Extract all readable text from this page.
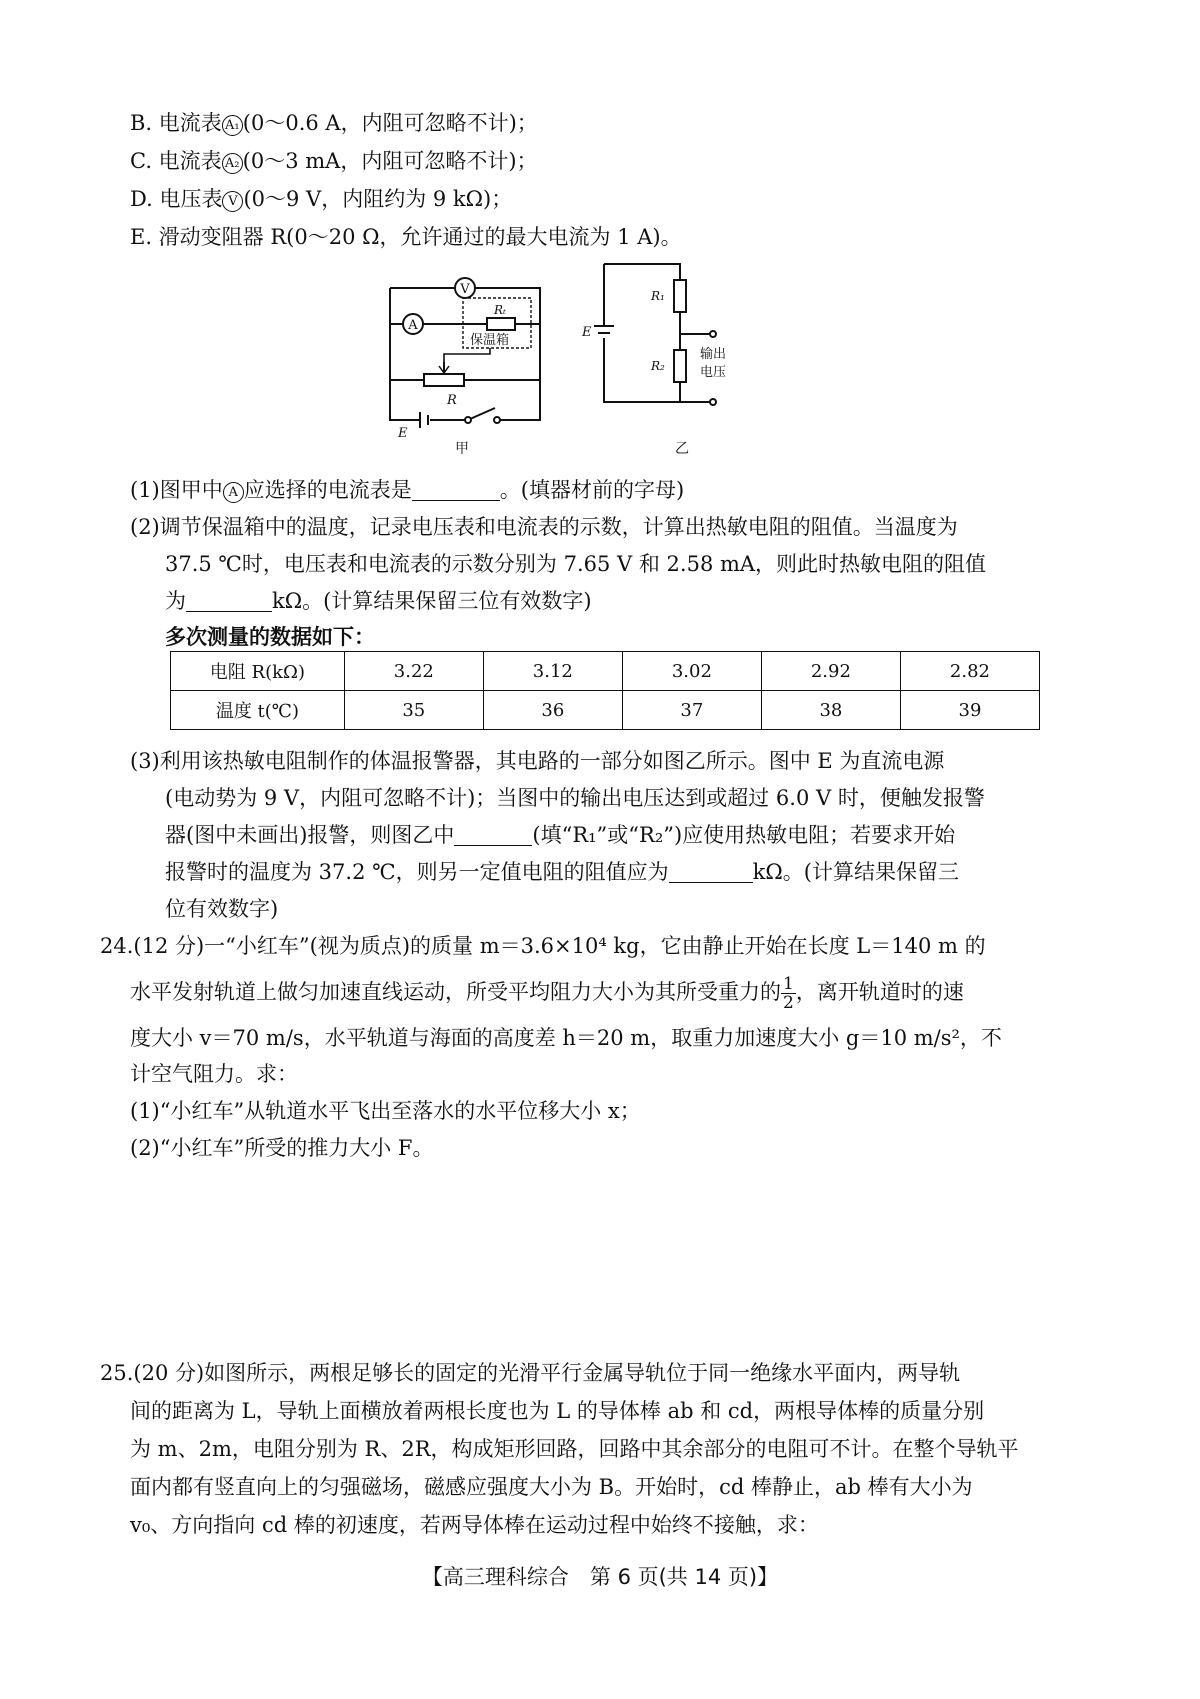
B. 电流表 A₁ (0～0.6 A，内阻可忽略不计)；
C. 电流表 A₂ (0～3 mA，内阻可忽略不计)；
D. 电压表 V (0～9 V，内阻约为 9 kΩ)；
E. 滑动变阻器 R(0～20 Ω，允许通过的最大电流为 1 A)。
V
A
Rₜ
保温箱
R
E
甲
E
R₁
R₂
输出
电压
乙
(1)图甲中 A 应选择的电流表是	。(填器材前的字母)
(2)调节保温箱中的温度，记录电压表和电流表的示数，计算出热敏电阻的阻值。当温度为
37.5 ℃时，电压表和电流表的示数分别为 7.65 V 和 2.58 mA，则此时热敏电阻的阻值
为	kΩ。(计算结果保留三位有效数字)
多次测量的数据如下：
电阻 R(kΩ)	3.22	3.12	3.02	2.92	2.82
温度 t(℃)	35	36	37	38	39
(3)利用该热敏电阻制作的体温报警器，其电路的一部分如图乙所示。图中 E 为直流电源
(电动势为 9 V，内阻可忽略不计)；当图中的输出电压达到或超过 6.0 V 时，便触发报警
器(图中未画出)报警，则图乙中	(填“R₁”或“R₂”)应使用热敏电阻；若要求开始
报警时的温度为 37.2 ℃，则另一定值电阻的阻值应为	kΩ。(计算结果保留三
位有效数字)
24.(12 分)一“小红车”(视为质点)的质量 m＝3.6×10⁴ kg，它由静止开始在长度 L＝140 m 的
水平发射轨道上做匀加速直线运动，所受平均阻力大小为其所受重力的 $\frac{1}{2}$ ，离开轨道时的速
度大小 v＝70 m/s，水平轨道与海面的高度差 h＝20 m，取重力加速度大小 g＝10 m/s²，不
计空气阻力。求：
(1)“小红车”从轨道水平飞出至落水的水平位移大小 x；
(2)“小红车”所受的推力大小 F。
25.(20 分)如图所示，两根足够长的固定的光滑平行金属导轨位于同一绝缘水平面内，两导轨
间的距离为 L，导轨上面横放着两根长度也为 L 的导体棒 ab 和 cd，两根导体棒的质量分别
为 m、2m，电阻分别为 R、2R，构成矩形回路，回路中其余部分的电阻可不计。在整个导轨平
面内都有竖直向上的匀强磁场，磁感应强度大小为 B。开始时，cd 棒静止，ab 棒有大小为
v₀、方向指向 cd 棒的初速度，若两导体棒在运动过程中始终不接触，求：
【高三理科综合　第 6 页(共 14 页)】
